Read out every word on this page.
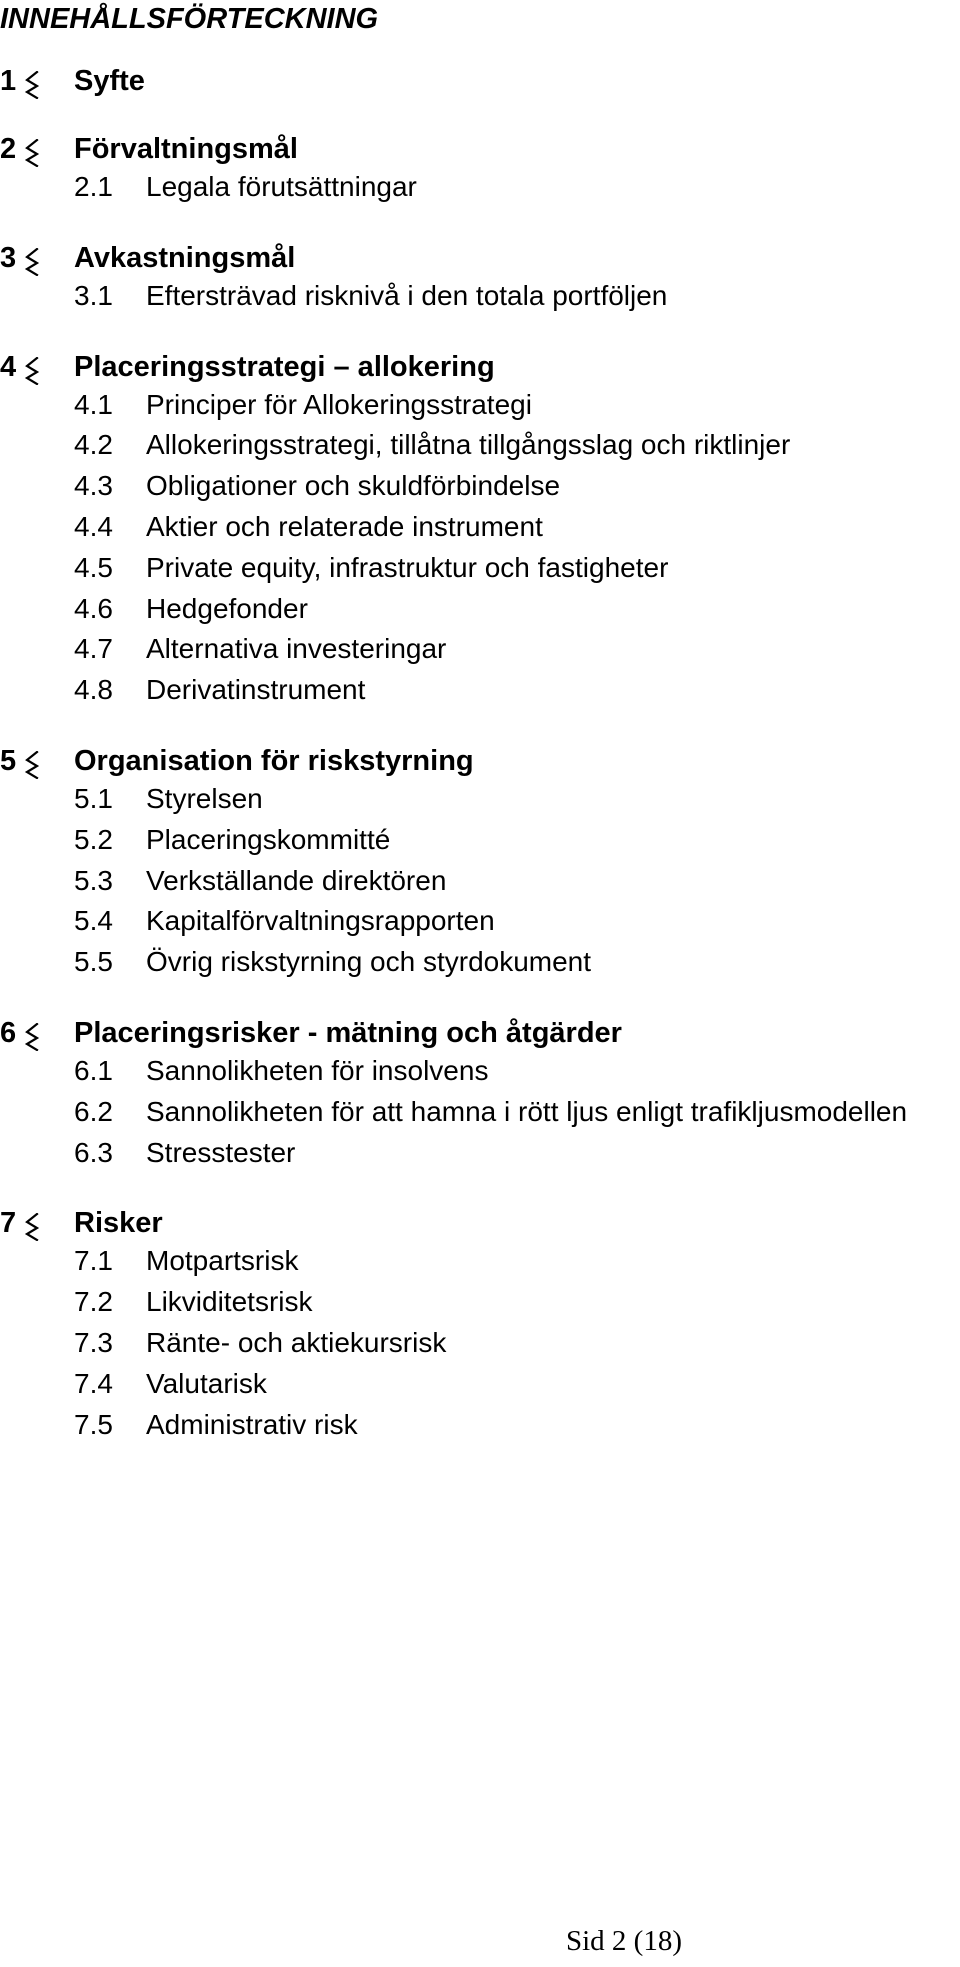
INNEHÅLLSFÖRTECKNING
1 Syfte
2 Förvaltningsmål
2.1 Legala förutsättningar
3 Avkastningsmål
3.1 Eftersträvad risknivå i den totala portföljen
4 Placeringsstrategi – allokering
4.1 Principer för Allokeringsstrategi
4.2 Allokeringsstrategi, tillåtna tillgångsslag och riktlinjer
4.3 Obligationer och skuldförbindelse
4.4 Aktier och relaterade instrument
4.5 Private equity, infrastruktur och fastigheter
4.6 Hedgefonder
4.7 Alternativa investeringar
4.8 Derivatinstrument
5 Organisation för riskstyrning
5.1 Styrelsen
5.2 Placeringskommitté
5.3 Verkställande direktören
5.4 Kapitalförvaltningsrapporten
5.5 Övrig riskstyrning och styrdokument
6 Placeringsrisker - mätning och åtgärder
6.1 Sannolikheten för insolvens
6.2 Sannolikheten för att hamna i rött ljus enligt trafikljusmodellen
6.3 Stresstester
7 Risker
7.1 Motpartsrisk
7.2 Likviditetsrisk
7.3 Ränte- och aktiekursrisk
7.4 Valutarisk
7.5 Administrativ risk
Sid 2 (18)
